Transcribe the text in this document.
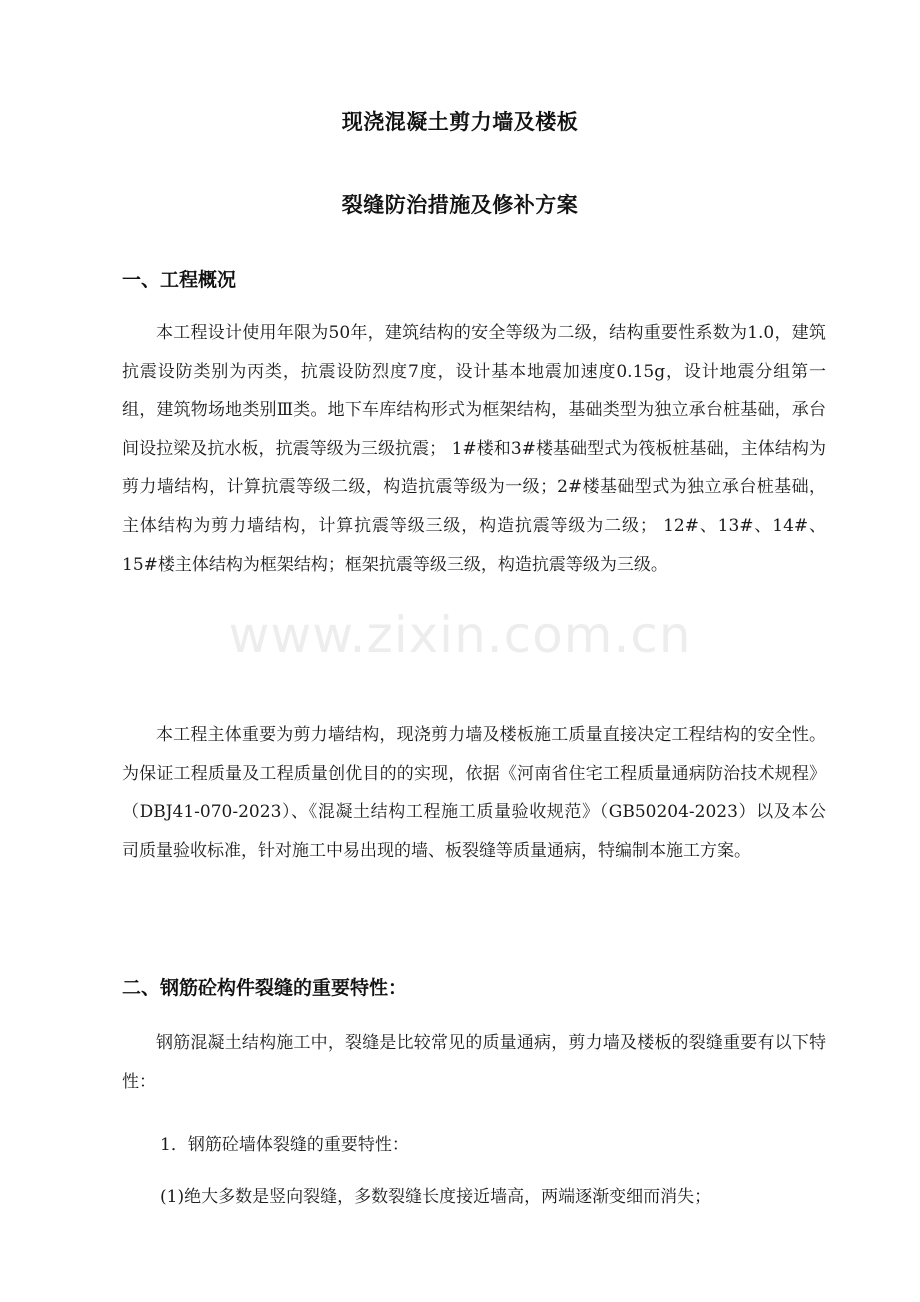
www.zixin.com.cn
现浇混凝土剪力墙及楼板
裂缝防治措施及修补方案
一、工程概况

本工程设计使用年限为50年，建筑结构的安全等级为二级，结构重要性系数为1.0，建筑抗震设防类别为丙类，抗震设防烈度7度，设计基本地震加速度0.15g，设计地震分组第一组，建筑物场地类别Ⅲ类。地下车库结构形式为框架结构，基础类型为独立承台桩基础，承台间设拉梁及抗水板，抗震等级为三级抗震； 1#楼和3#楼基础型式为筏板桩基础，主体结构为剪力墙结构，计算抗震等级二级，构造抗震等级为一级；2#楼基础型式为独立承台桩基础，主体结构为剪力墙结构，计算抗震等级三级，构造抗震等级为二级； 12#、13#、14#、15#楼主体结构为框架结构；框架抗震等级三级，构造抗震等级为三级。

本工程主体重要为剪力墙结构，现浇剪力墙及楼板施工质量直接决定工程结构的安全性。为保证工程质量及工程质量创优目的的实现，依据《河南省住宅工程质量通病防治技术规程》（DBJ41-070-2023）、《混凝土结构工程施工质量验收规范》（GB50204-2023）以及本公司质量验收标准，针对施工中易出现的墙、板裂缝等质量通病，特编制本施工方案。

二、钢筋砼构件裂缝的重要特性：

钢筋混凝土结构施工中，裂缝是比较常见的质量通病，剪力墙及楼板的裂缝重要有以下特性：

1．钢筋砼墙体裂缝的重要特性：
(1)绝大多数是竖向裂缝，多数裂缝长度接近墙高，两端逐渐变细而消失；
